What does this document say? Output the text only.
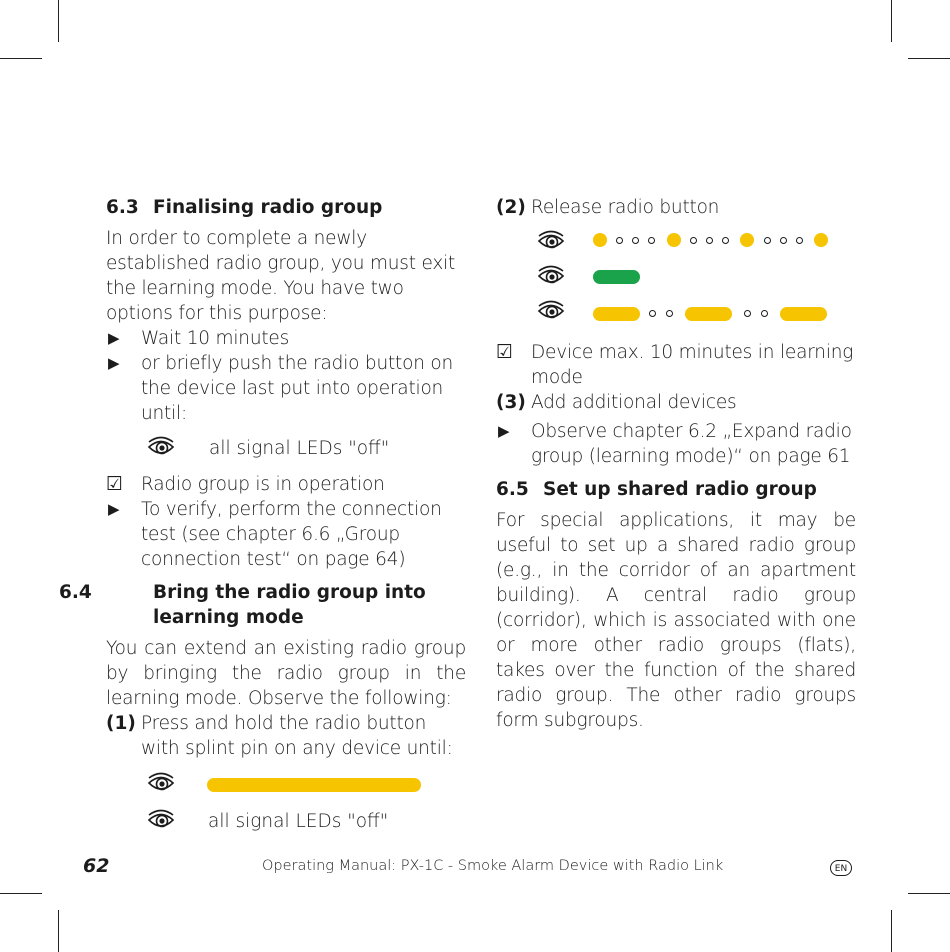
6.3 Finalising radio group

In order to complete a newly established radio group, you must exit the learning mode. You have two options for this purpose:

▶ Wait 10 minutes
▶ or briefly push the radio button on the device last put into operation until:
all signal LEDs "off"
☑ Radio group is in operation
▶ To verify, perform the connection test (see chapter 6.6 „Group connection test“ on page 64)
6.4	Bring the radio group into learning mode

You can extend an existing radio group by bringing the radio group in the learning mode. Observe the following:

(1) Press and hold the radio button with splint pin on any device until:
all signal LEDs "off"
(2) Release radio button
☑ Device max. 10 minutes in learning mode
(3) Add additional devices
▶ Observe chapter 6.2 „Expand radio group (learning mode)“ on page 61
6.5 Set up shared radio group

For special applications, it may be useful to set up a shared radio group (e.g., in the corridor of an apartment building). A central radio group (corridor), which is associated with one or more other radio groups (flats), takes over the function of the shared radio group. The other radio groups form subgroups.

62	Operating Manual: PX-1C - Smoke Alarm Device with Radio Link	EN
